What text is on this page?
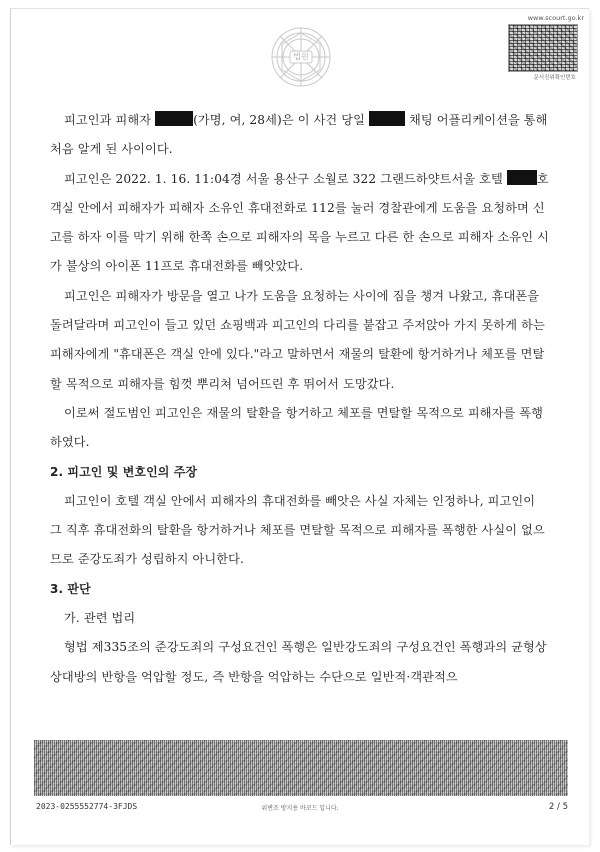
법원
www.scourt.go.kr
문서진위확인번호

피고인과 피해자	(가명, 여, 28세)은 이 사건 당일	채팅 어플리케이션을 통해 처음 알게 된 사이이다.

피고인은 2022. 1. 16. 11:04경 서울 용산구 소월로 322 그랜드하얏트서울 호텔 호 객실 안에서 피해자가 피해자 소유인 휴대전화로 112를 눌러 경찰관에게 도움을 요청하며 신고를 하자 이를 막기 위해 한쪽 손으로 피해자의 목을 누르고 다른 한 손으로 피해자 소유인 시가 불상의 아이폰 11프로 휴대전화를 빼앗았다.

피고인은 피해자가 방문을 열고 나가 도움을 요청하는 사이에 짐을 챙겨 나왔고, 휴대폰을 돌려달라며 피고인이 들고 있던 쇼핑백과 피고인의 다리를 붙잡고 주저앉아 가지 못하게 하는 피해자에게 "휴대폰은 객실 안에 있다."라고 말하면서 재물의 탈환에 항거하거나 체포를 면탈할 목적으로 피해자를 힘껏 뿌리쳐 넘어뜨린 후 뛰어서 도망갔다.

이로써 절도범인 피고인은 재물의 탈환을 항거하고 체포를 면탈할 목적으로 피해자를 폭행하였다.

2. 피고인 및 변호인의 주장

피고인이 호텔 객실 안에서 피해자의 휴대전화를 빼앗은 사실 자체는 인정하나, 피고인이 그 직후 휴대전화의 탈환을 항거하거나 체포를 면탈할 목적으로 피해자를 폭행한 사실이 없으므로 준강도죄가 성립하지 아니한다.

3. 판단

가. 관련 법리

형법 제335조의 준강도죄의 구성요건인 폭행은 일반강도죄의 구성요건인 폭행과의 균형상 상대방의 반항을 억압할 정도, 즉 반항을 억압하는 수단으로 일반적·객관적으

2023-0255552774-3FJDS	위변조 방지용 바코드 입니다.	2 / 5
